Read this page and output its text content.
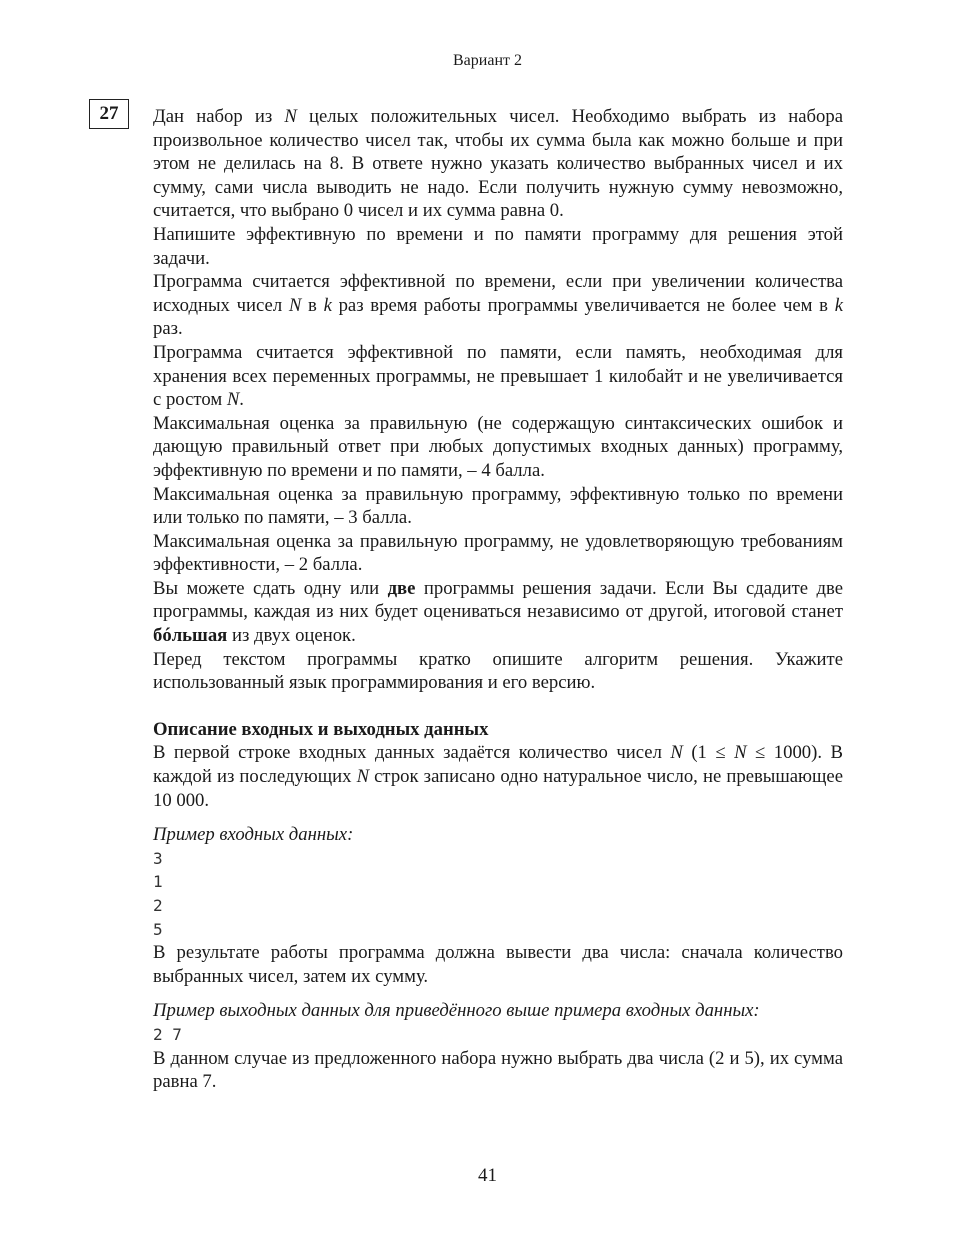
Вариант 2
27	Дан набор из N целых положительных чисел. Необходимо выбрать из набора произвольное количество чисел так, чтобы их сумма была как можно больше и при этом не делилась на 8. В ответе нужно указать количество выбранных чисел и их сумму, сами числа выводить не надо. Если получить нужную сумму невозможно, считается, что выбрано 0 чисел и их сумма равна 0.

Напишите эффективную по времени и по памяти программу для решения этой задачи.

Программа считается эффективной по времени, если при увеличении количества исходных чисел N в k раз время работы программы увеличивается не более чем в k раз.

Программа считается эффективной по памяти, если память, необходимая для хранения всех переменных программы, не превышает 1 килобайт и не увеличивается с ростом N.

Максимальная оценка за правильную (не содержащую синтаксических ошибок и дающую правильный ответ при любых допустимых входных данных) программу, эффективную по времени и по памяти, – 4 балла.

Максимальная оценка за правильную программу, эффективную только по времени или только по памяти, – 3 балла.

Максимальная оценка за правильную программу, не удовлетворяющую требованиям эффективности, – 2 балла.

Вы можете сдать одну или две программы решения задачи. Если Вы сдадите две программы, каждая из них будет оцениваться независимо от другой, итоговой станет бóльшая из двух оценок.

Перед текстом программы кратко опишите алгоритм решения. Укажите использованный язык программирования и его версию.

Описание входных и выходных данных

В первой строке входных данных задаётся количество чисел N (1 ≤ N ≤ 1000). В каждой из последующих N строк записано одно натуральное число, не превышающее 10 000.

Пример входных данных:

3
1
2
5

В результате работы программа должна вывести два числа: сначала количество выбранных чисел, затем их сумму.

Пример выходных данных для приведённого выше примера входных данных:

2 7

В данном случае из предложенного набора нужно выбрать два числа (2 и 5), их сумма равна 7.

41
